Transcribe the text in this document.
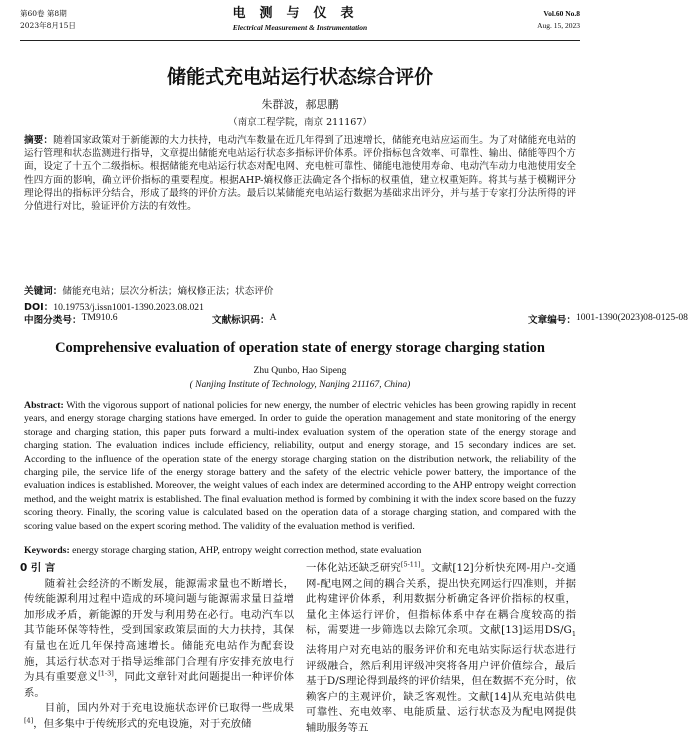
第60卷 第8期
2023年8月15日
电测与仪表
Electrical Measurement & Instrumentation
Vol.60 No.8
Aug. 15, 2023
储能式充电站运行状态综合评价
朱群波，郝思鹏
（南京工程学院，南京 211167）
摘要：随着国家政策对于新能源的大力扶持，电动汽车数量在近几年得到了迅速增长，储能充电站应运而生。为了对储能充电站的运行管理和状态监测进行指导，文章提出储能充电站运行状态多指标评价体系。评价指标包含效率、可靠性、输出、储能等四个方面，设定了十五个二级指标。根据储能充电站运行状态对配电网、充电桩可靠性、储能电池使用寿命、电动汽车动力电池使用安全性四方面的影响，确立评价指标的重要程度。根据AHP-熵权修正法确定各个指标的权重值，建立权重矩阵。将其与基于模糊评分理论得出的指标评分结合，形成了最终的评价方法。最后以某储能充电站运行数据为基础求出评分，并与基于专家打分法所得的评分值进行对比，验证评价方法的有效性。
关键词：储能充电站；层次分析法；熵权修正法；状态评价
DOI：10.19753/j.issn1001-1390.2023.08.021
中图分类号： TM910.6	文献标识码： A	文章编号： 1001-1390(2023)08-0125-08
Comprehensive evaluation of operation state of energy storage charging station
Zhu Qunbo, Hao Sipeng
( Nanjing Institute of Technology, Nanjing 211167, China)
Abstract: With the vigorous support of national policies for new energy, the number of electric vehicles has been growing rapidly in recent years, and energy storage charging stations have emerged. In order to guide the operation management and state monitoring of the energy storage and charging station, this paper puts forward a multi-index evaluation system of the operation state of the energy storage and charging station. The evaluation indices include efficiency, reliability, output and energy storage, and 15 secondary indices are set. According to the influence of the operation state of the energy storage charging station on the distribution network, the reliability of the charging pile, the service life of the energy storage battery and the safety of the electric vehicle power battery, the importance of the evaluation indices is established. Moreover, the weight values of each index are determined according to the AHP entropy weight correction method, and the weight matrix is established. The final evaluation method is formed by combining it with the index score based on the fuzzy scoring theory. Finally, the scoring value is calculated based on the operation data of a storage charging station, and compared with the scoring value based on the expert scoring method. The validity of the evaluation method is verified.
Keywords: energy storage charging station, AHP, entropy weight correction method, state evaluation
0 引 言

随着社会经济的不断发展，能源需求量也不断增长，传统能源利用过程中造成的环境问题与能源需求量日益增加形成矛盾，新能源的开发与利用势在必行。电动汽车以其节能环保等特性，受到国家政策层面的大力扶持，其保有量也在近几年保持高速增长。储能充电站作为配套设施，其运行状态对于指导运维部门合理有序安排充放电行为具有重要意义[1-3]，同此文章针对此问题提出一种评价体系。

目前，国内外对于充电设施状态评价已取得一些成果[4]，但多集中于传统形式的充电设施，对于充放储

一体化站还缺乏研究[5-11]。文献[12]分析快充网-用户-交通网-配电网之间的耦合关系，提出快充网运行四准则，并据此构建评价体系，利用数据分析确定各评价指标的权重，量化主体运行评价，但指标体系中存在耦合度较高的指标，需要进一步筛选以去除冗余项。文献[13]运用$DS/G_1$法将用户对充电站的服务评价和充电站实际运行状态进行评级融合，然后利用评级冲突将各用户评价值综合，最后基于D/S理论得到最终的评价结果，但在数据不充分时，依赖客户的主观评价，缺乏客观性。文献[14]从充电站供电可靠性、充电效率、电能质量、运行状态及为配电网提供辅助服务等五
